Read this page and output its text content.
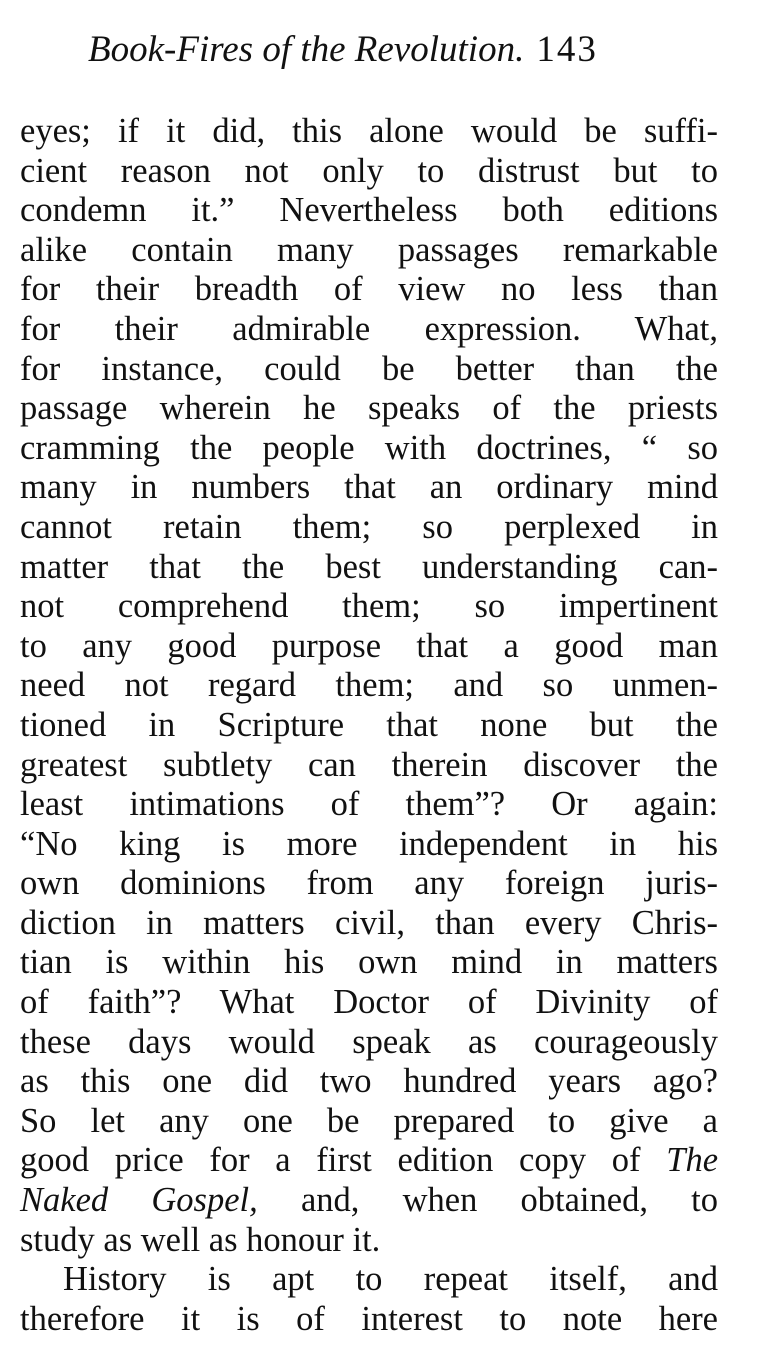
Book-Fires of the Revolution. 143
eyes; if it did, this alone would be suffi-
cient reason not only to distrust but to
condemn it.” Nevertheless both editions
alike contain many passages remarkable
for their breadth of view no less than
for their admirable expression. What,
for instance, could be better than the
passage wherein he speaks of the priests
cramming the people with doctrines, “ so
many in numbers that an ordinary mind
cannot retain them; so perplexed in
matter that the best understanding can-
not comprehend them; so impertinent
to any good purpose that a good man
need not regard them; and so unmen-
tioned in Scripture that none but the
greatest subtlety can therein discover the
least intimations of them”? Or again:
“No king is more independent in his
own dominions from any foreign juris-
diction in matters civil, than every Chris-
tian is within his own mind in matters
of faith”? What Doctor of Divinity of
these days would speak as courageously
as this one did two hundred years ago?
So let any one be prepared to give a
good price for a first edition copy of The
Naked Gospel, and, when obtained, to
study as well as honour it.
History is apt to repeat itself, and
therefore it is of interest to note here
